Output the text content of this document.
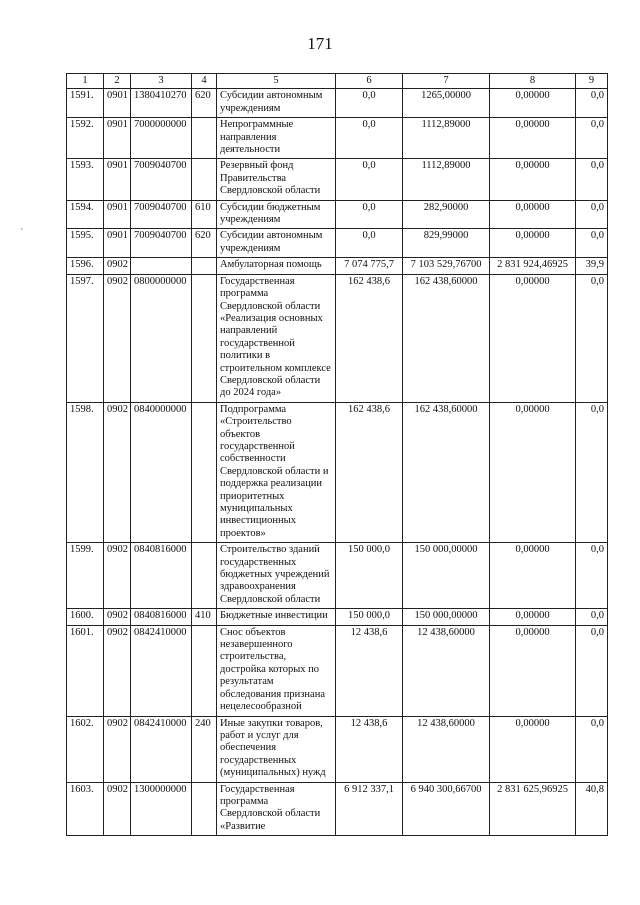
171
1	2	3	4	5	6	7	8	9
1591.	0901	1380410270	620	Субсидии автономным учреждениям	0,0	1265,00000	0,00000	0,0
1592.	0901	7000000000		Непрограммные направления деятельности	0,0	1112,89000	0,00000	0,0
1593.	0901	7009040700		Резервный фонд Правительства Свердловской области	0,0	1112,89000	0,00000	0,0
1594.	0901	7009040700	610	Субсидии бюджетным учреждениям	0,0	282,90000	0,00000	0,0
1595.	0901	7009040700	620	Субсидии автономным учреждениям	0,0	829,99000	0,00000	0,0
1596.	0902			Амбулаторная помощь	7 074 775,7	7 103 529,76700	2 831 924,46925	39,9
1597.	0902	0800000000		Государственная программа Свердловской области «Реализация основных направлений государственной политики в строительном комплексе Свердловской области до 2024 года»	162 438,6	162 438,60000	0,00000	0,0
1598.	0902	0840000000		Подпрограмма «Строительство объектов государственной собственности Свердловской области и поддержка реализации приоритетных муниципальных инвестиционных проектов»	162 438,6	162 438,60000	0,00000	0,0
1599.	0902	0840816000		Строительство зданий государственных бюджетных учреждений здравоохранения Свердловской области	150 000,0	150 000,00000	0,00000	0,0
1600.	0902	0840816000	410	Бюджетные инвестиции	150 000,0	150 000,00000	0,00000	0,0
1601.	0902	0842410000		Снос объектов незавершенного строительства, достройка которых по результатам обследования признана нецелесообразной	12 438,6	12 438,60000	0,00000	0,0
1602.	0902	0842410000	240	Иные закупки товаров, работ и услуг для обеспечения государственных (муниципальных) нужд	12 438,6	12 438,60000	0,00000	0,0
1603.	0902	1300000000		Государственная программа Свердловской области «Развитие	6 912 337,1	6 940 300,66700	2 831 625,96925	40,8
ˋ
